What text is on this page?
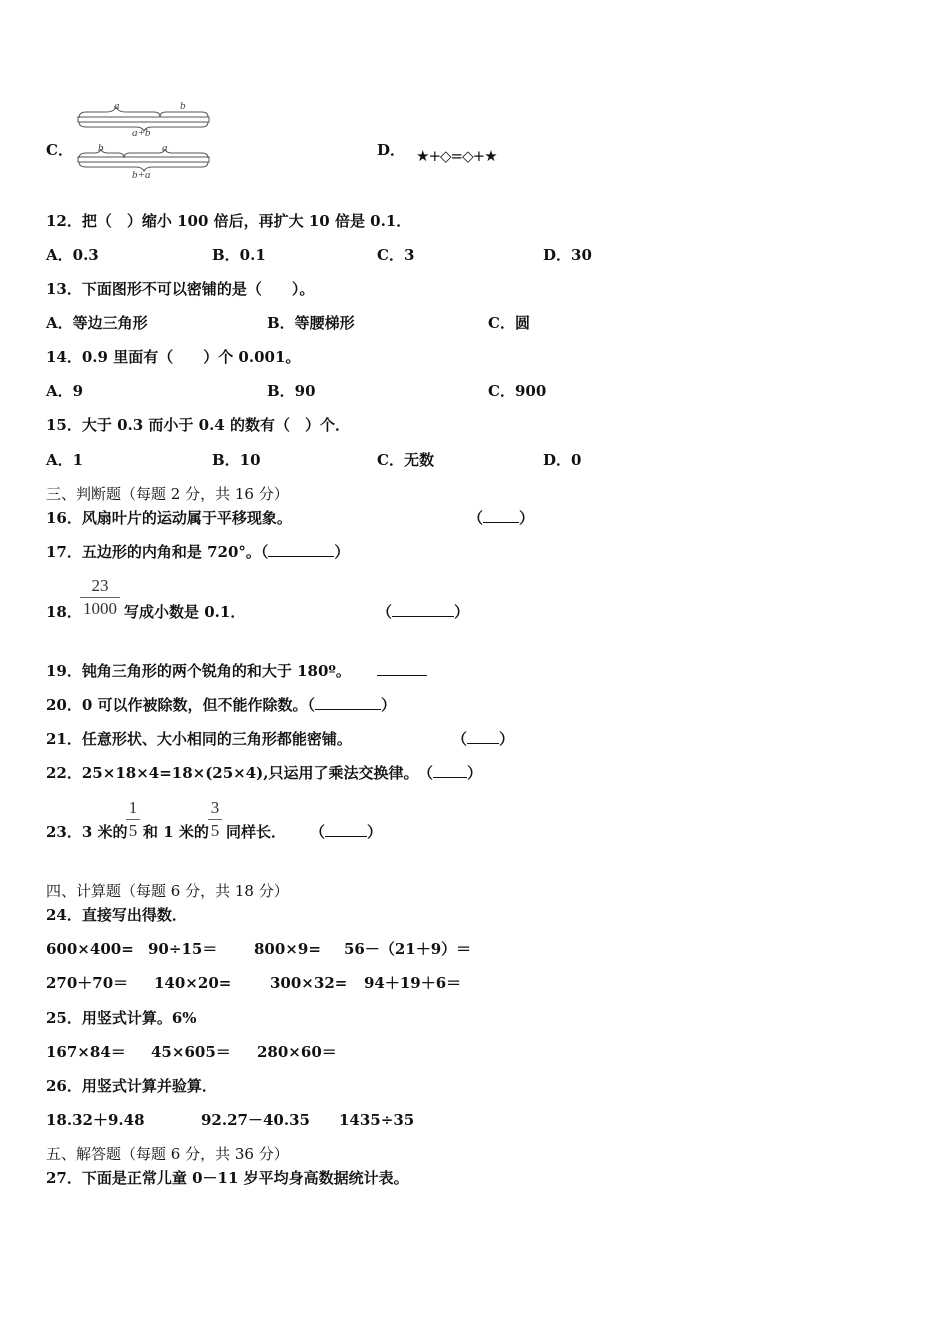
C．
a	b
a+b
b	a
b+a
D． ★+◇=◇+★
12．把（　）缩小 100 倍后，再扩大 10 倍是 0.1．
A．0.3	B．0.1	C．3	D．30
13．下面图形不可以密铺的是（　　）。
A．等边三角形	B．等腰梯形	C．圆
14．0.9 里面有（　　）个 0.001。
A．9	B．90	C．900
15．大于 0.3 而小于 0.4 的数有（　）个．
A．1	B．10	C．无数	D．0
三、判断题（每题 2 分，共 16 分）
16．风扇叶片的运动属于平移现象。	（ ）
17．五边形的内角和是 720°。（	）
18．
23
1000 写成小数是 0.1．	（	）
19．钝角三角形的两个锐角的和大于 180º。
20．0 可以作被除数，但不能作除数。（	）
21．任意形状、大小相同的三角形都能密铺。	（ ）
22．25×18×4=18×(25×4),只运用了乘法交换律。 （ ）
23．3 米的
1
5 和 1 米的
3
5 同样长． （	）
四、计算题（每题 6 分，共 18 分）
24．直接写出得数．
600×400= 90÷15＝ 800×9= 56－（21＋9）＝
270＋70＝ 140×20=	300×32= 94＋19＋6＝
25．用竖式计算。6%
167×84＝ 45×605＝ 280×60＝
26．用竖式计算并验算．
18.32＋9.48	92.27－40.35 1435÷35
五、解答题（每题 6 分，共 36 分）
27．下面是正常儿童 0－11 岁平均身高数据统计表。
